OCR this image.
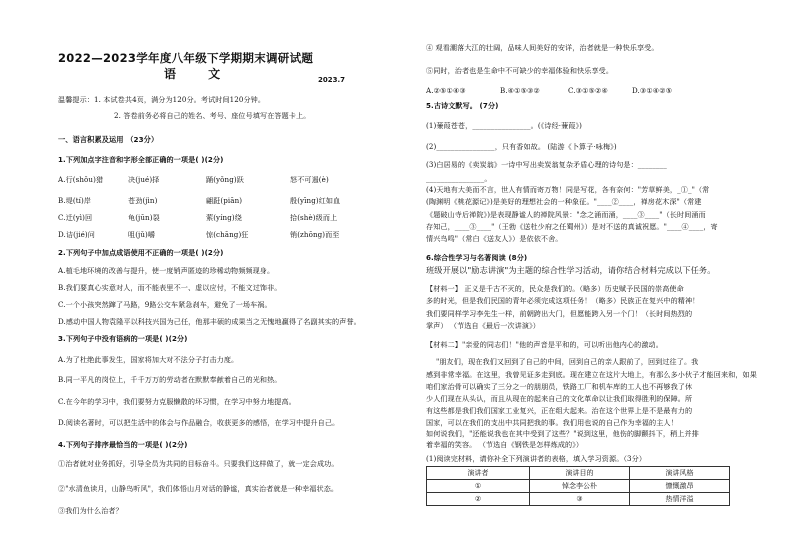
2022—2023学年度八年级下学期期末调研试题
语 文	2023.7
温馨提示：1. 本试卷共4页，满分为120分。考试时间120分钟。
2. 答卷前务必将自己的姓名、考号、座位号填写在答题卡上。
一、语言积累及运用 （23分）
1.下列加点字注音和字形全部正确的一项是( )(2分)
A.行(shǒu)猎	决(jué)择	踊(yǒng)跃	怒不可遏(è)
B.堤(tí)岸	苍劲(jìn)	翩跹(piān)	殷(yīng)红如血
C.迁(yì)回	龟(jūn)裂	萦(yíng)绕	拾(shè)级而上
D.诘(jié)问	咀(jǔ)嚼	惊(chāng)狂	销(zhōng)而至
2.下列句子中加点成语使用不正确的一项是( )(2分)
A.植毛地环境的改善与提升，使一度销声匿迹的珍稀动物频频现身。
B.我们要真心实意对人，而不能表里不一、虚以应付，不能文过饰非。
C.一个小孩突然蹿了马路，9路公交车紧急刹车，避免了一场车祸。
D.感动中国人物袁隆平以科技兴国为己任，他那丰硕的成果当之无愧地赢得了名副其实的声誉。
3.下列句子中没有语病的一项是( )(2分)
A.为了杜绝此事发生，国家将加大对不法分子打击力度。
B.同一平凡的岗位上，千千万万的劳动者在默默奉献着自己的光和热。
C.在今年的学习中，我们要努力克服懒散的坏习惯，在学习中努力地提高。
D.阅读名著时，可以把生活中的体会与作品融合，收获更多的感悟，在学习中提升自己。
4.下列句子排序最恰当的一项是( )(2分)
①治者就对业务抓好，引导全员为共同的目标奋斗。只要我们这样做了，就一定会成功。
②"水清鱼读月，山静鸟听风"，我们体悟山月对话的静谧，真实治者就是一种幸福状态。
③我们为什么治者？
④ 观看潮落大江的壮阔，品味人间美好的安详，治者就是一种快乐享受。
⑤同时，治者也是生命中不可缺少的幸福体验和快乐享受。
A.②⑤①④③	B.④①⑤③②	C.③①⑤②④	D.③①④②⑤
5.古诗文默写。 (7分)
(1)蒹葭苍苍，________________。(《诗经·蒹葭》)
(2)________________，只有香如故。 (陆游《卜算子·咏梅》)
(3)白居易的《卖炭翁》一诗中写出卖炭翁复杂矛盾心理的诗句是：________
________________。
(4)天地有大美而不言，世人有情而寄万物！同是写花，各有奈何："芳草鲜美，_①_"（常
(陶渊明《桃花源记》)是美好的理想社会的一种象征。"____②____，禅房花木深"（常建
《题破山寺后禅院》)是表现静谧人的禅院风景："念之涌而涌，____③____"（长时间涌而
存知己，____③____"（王勃《送杜少府之任蜀州》）是对不送的真诚祝愿。"____④____，寄
情兴鸟鸣"（常白《送友人》）是依依不舍。
6.综合性学习与名著阅读 (8分)
班级开展以"励志讲演"为主题的综合性学习活动，请你结合材料完成以下任务。
【材料一】 正义是千古不灭的，民众是我们的。（略多）历史赋予民国的崇高使命
多的时光，但是我们民国的青年必须完成这项任务！（略多）民族正在复兴中的精神！
我们要同样学习李先生一样，前朝跨出大门，但愿能跨入另一个门！（长时间热烈的
掌声） （节选自《最后一次讲演》）
【材料二】"亲爱的同志们！"他的声音是平和的，可以听出他内心的激动。
"朋友们，现在我们又回到了自己的中间，回到自己的亲人跟前了，回到过往了。我
感到非常幸福。在这里，我曾见证多走到底。现在建立在这片大地上，有那么多小伙子才能回来和，如果
咱们家治骨可以确实了三分之一的朋朋员，铁路工厂和机车库的工人也不再够我了休
少人们现在从头认，而且从现在的起来自己的文化革命以让我们取得胜利的保障。所
有这些都是我们我们国家工业复兴，正在组大起来。治在这个世界上是不是最有力的
国家，可以在我们的支出中共同把我的事。我们用也说的自己作为幸福的主人！
如何说我们，"还能说我也在其中受到了这些？"说到这里，他伤的脚颤抖下，稍上并排
着幸福的笑容。 （节选自《钢铁是怎样炼成的》）
(1)阅读完材料，请你补全下列演讲者的表格，填入学习资源。（3分）
演讲者	演讲目的	演讲风格
①	悼念李公朴	慷慨激昂
②	③	热情洋溢
